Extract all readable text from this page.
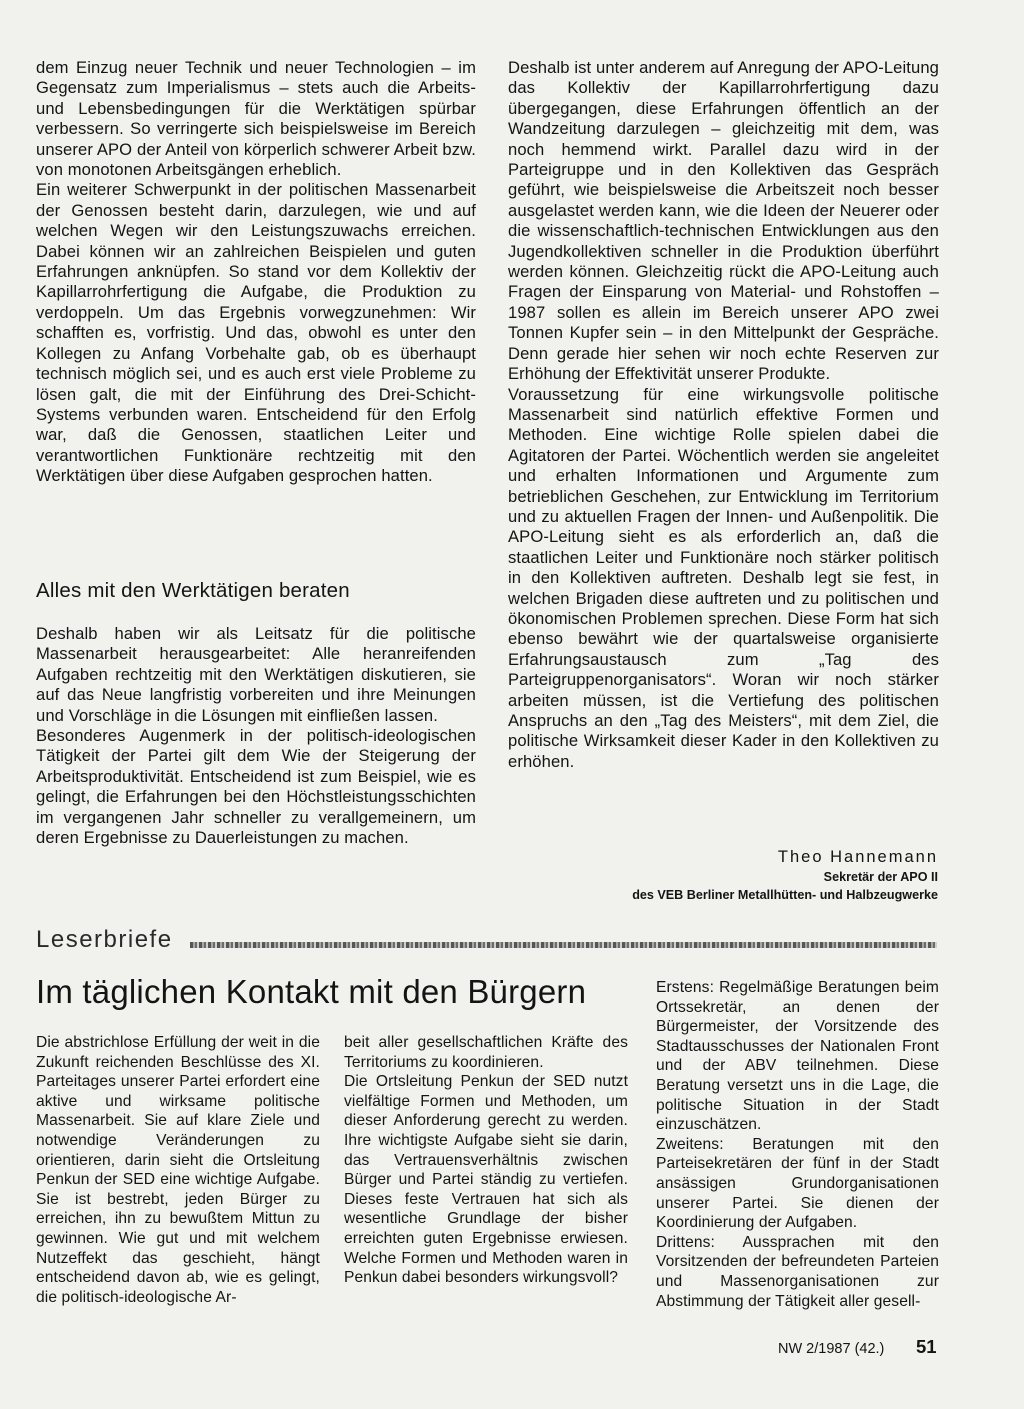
dem Einzug neuer Technik und neuer Technologien – im Gegensatz zum Imperialismus – stets auch die Arbeits- und Lebensbedingungen für die Werktätigen spürbar verbessern. So verringerte sich beispielsweise im Bereich unserer APO der Anteil von körperlich schwerer Arbeit bzw. von monotonen Arbeitsgängen erheblich.

Ein weiterer Schwerpunkt in der politischen Massenarbeit der Genossen besteht darin, darzulegen, wie und auf welchen Wegen wir den Leistungszuwachs erreichen. Dabei können wir an zahlreichen Beispielen und guten Erfahrungen anknüpfen. So stand vor dem Kollektiv der Kapillarrohrfertigung die Aufgabe, die Produktion zu verdoppeln. Um das Ergebnis vorwegzunehmen: Wir schafften es, vorfristig. Und das, obwohl es unter den Kollegen zu Anfang Vorbehalte gab, ob es überhaupt technisch möglich sei, und es auch erst viele Probleme zu lösen galt, die mit der Einführung des Drei-Schicht-Systems verbunden waren. Entscheidend für den Erfolg war, daß die Genossen, staatlichen Leiter und verantwortlichen Funktionäre rechtzeitig mit den Werktätigen über diese Aufgaben gesprochen hatten.

Alles mit den Werktätigen beraten

Deshalb haben wir als Leitsatz für die politische Massenarbeit herausgearbeitet: Alle heranreifenden Aufgaben rechtzeitig mit den Werktätigen diskutieren, sie auf das Neue langfristig vorbereiten und ihre Meinungen und Vorschläge in die Lösungen mit einfließen lassen.

Besonderes Augenmerk in der politisch-ideologischen Tätigkeit der Partei gilt dem Wie der Steigerung der Arbeitsproduktivität. Entscheidend ist zum Beispiel, wie es gelingt, die Erfahrungen bei den Höchstleistungsschichten im vergangenen Jahr schneller zu verallgemeinern, um deren Ergebnisse zu Dauerleistungen zu machen.

Deshalb ist unter anderem auf Anregung der APO-Leitung das Kollektiv der Kapillarrohrfertigung dazu übergegangen, diese Erfahrungen öffentlich an der Wandzeitung darzulegen – gleichzeitig mit dem, was noch hemmend wirkt. Parallel dazu wird in der Parteigruppe und in den Kollektiven das Gespräch geführt, wie beispielsweise die Arbeitszeit noch besser ausgelastet werden kann, wie die Ideen der Neuerer oder die wissenschaftlich-technischen Entwicklungen aus den Jugendkollektiven schneller in die Produktion überführt werden können. Gleichzeitig rückt die APO-Leitung auch Fragen der Einsparung von Material- und Rohstoffen – 1987 sollen es allein im Bereich unserer APO zwei Tonnen Kupfer sein – in den Mittelpunkt der Gespräche. Denn gerade hier sehen wir noch echte Reserven zur Erhöhung der Effektivität unserer Produkte.

Voraussetzung für eine wirkungsvolle politische Massenarbeit sind natürlich effektive Formen und Methoden. Eine wichtige Rolle spielen dabei die Agitatoren der Partei. Wöchentlich werden sie angeleitet und erhalten Informationen und Argumente zum betrieblichen Geschehen, zur Entwicklung im Territorium und zu aktuellen Fragen der Innen- und Außenpolitik. Die APO-Leitung sieht es als erforderlich an, daß die staatlichen Leiter und Funktionäre noch stärker politisch in den Kollektiven auftreten. Deshalb legt sie fest, in welchen Brigaden diese auftreten und zu politischen und ökonomischen Problemen sprechen. Diese Form hat sich ebenso bewährt wie der quartalsweise organisierte Erfahrungsaustausch zum „Tag des Parteigruppenorganisators“. Woran wir noch stärker arbeiten müssen, ist die Vertiefung des politischen Anspruchs an den „Tag des Meisters“, mit dem Ziel, die politische Wirksamkeit dieser Kader in den Kollektiven zu erhöhen.

Theo Hannemann
Sekretär der APO II
des VEB Berliner Metallhütten- und Halbzeugwerke
Leserbriefe
Im täglichen Kontakt mit den Bürgern

Die abstrichlose Erfüllung der weit in die Zukunft reichenden Beschlüsse des XI. Parteitages unserer Partei erfordert eine aktive und wirksame politische Massenarbeit. Sie auf klare Ziele und notwendige Veränderungen zu orientieren, darin sieht die Ortsleitung Penkun der SED eine wichtige Aufgabe. Sie ist bestrebt, jeden Bürger zu erreichen, ihn zu bewußtem Mittun zu gewinnen. Wie gut und mit welchem Nutzeffekt das geschieht, hängt entscheidend davon ab, wie es gelingt, die politisch-ideologische Ar-

beit aller gesellschaftlichen Kräfte des Territoriums zu koordinieren.

Die Ortsleitung Penkun der SED nutzt vielfältige Formen und Methoden, um dieser Anforderung gerecht zu werden. Ihre wichtigste Aufgabe sieht sie darin, das Vertrauensverhältnis zwischen Bürger und Partei ständig zu vertiefen. Dieses feste Vertrauen hat sich als wesentliche Grundlage der bisher erreichten guten Ergebnisse erwiesen. Welche Formen und Methoden waren in Penkun dabei besonders wirkungsvoll?

Erstens: Regelmäßige Beratungen beim Ortssekretär, an denen der Bürgermeister, der Vorsitzende des Stadtausschusses der Nationalen Front und der ABV teilnehmen. Diese Beratung versetzt uns in die Lage, die politische Situation in der Stadt einzuschätzen.

Zweitens: Beratungen mit den Parteisekretären der fünf in der Stadt ansässigen Grundorganisationen unserer Partei. Sie dienen der Koordinierung der Aufgaben.

Drittens: Aussprachen mit den Vorsitzenden der befreundeten Parteien und Massenorganisationen zur Abstimmung der Tätigkeit aller gesell-

NW 2/1987 (42.) 51
